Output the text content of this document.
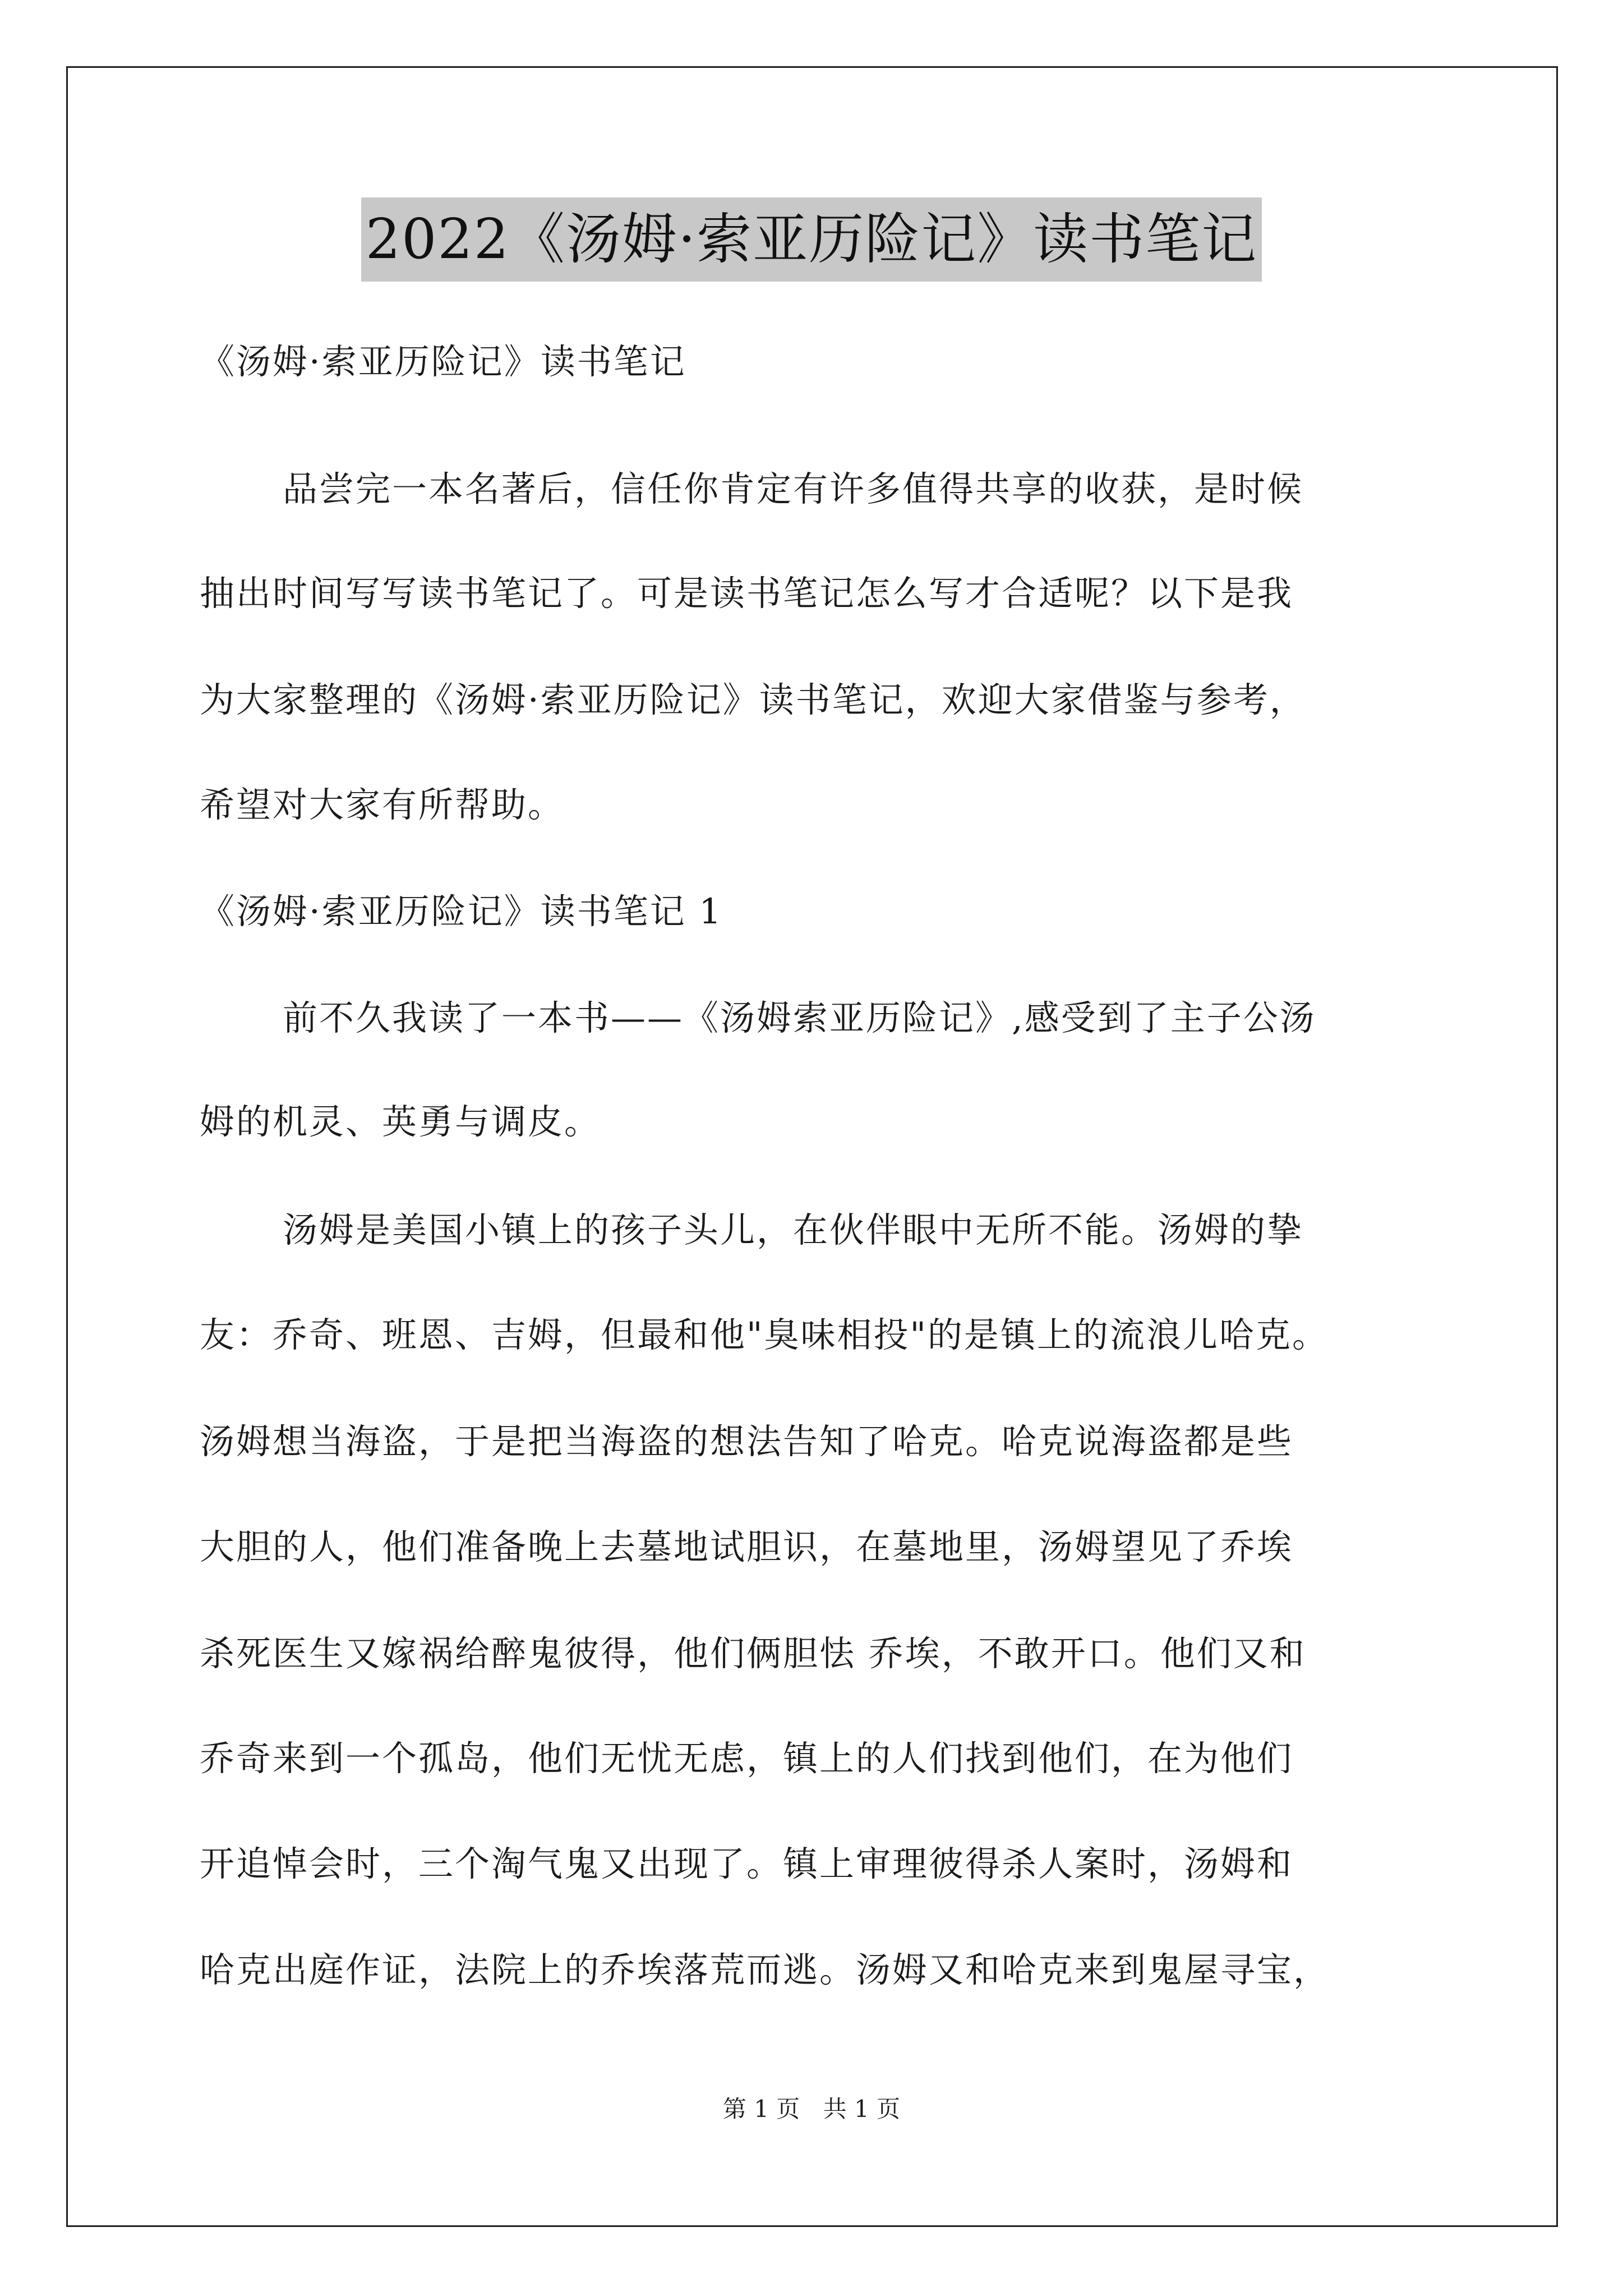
2022《汤姆·索亚历险记》读书笔记

《汤姆·索亚历险记》读书笔记

品尝完一本名著后，信任你肯定有许多值得共享的收获，是时候

抽出时间写写读书笔记了。可是读书笔记怎么写才合适呢？以下是我

为大家整理的《汤姆·索亚历险记》读书笔记，欢迎大家借鉴与参考，

希望对大家有所帮助。

《汤姆·索亚历险记》读书笔记 1

前不久我读了一本书——《汤姆索亚历险记》,感受到了主子公汤

姆的机灵、英勇与调皮。

汤姆是美国小镇上的孩子头儿，在伙伴眼中无所不能。汤姆的挚

友：乔奇、班恩、吉姆，但最和他"臭味相投"的是镇上的流浪儿哈克。

汤姆想当海盗，于是把当海盗的想法告知了哈克。哈克说海盗都是些

大胆的人，他们准备晚上去墓地试胆识，在墓地里，汤姆望见了乔埃

杀死医生又嫁祸给醉鬼彼得，他们俩胆怯 乔埃，不敢开口。他们又和

乔奇来到一个孤岛，他们无忧无虑，镇上的人们找到他们，在为他们

开追悼会时，三个淘气鬼又出现了。镇上审理彼得杀人案时，汤姆和

哈克出庭作证，法院上的乔埃落荒而逃。汤姆又和哈克来到鬼屋寻宝，

第 1 页 共 1 页
